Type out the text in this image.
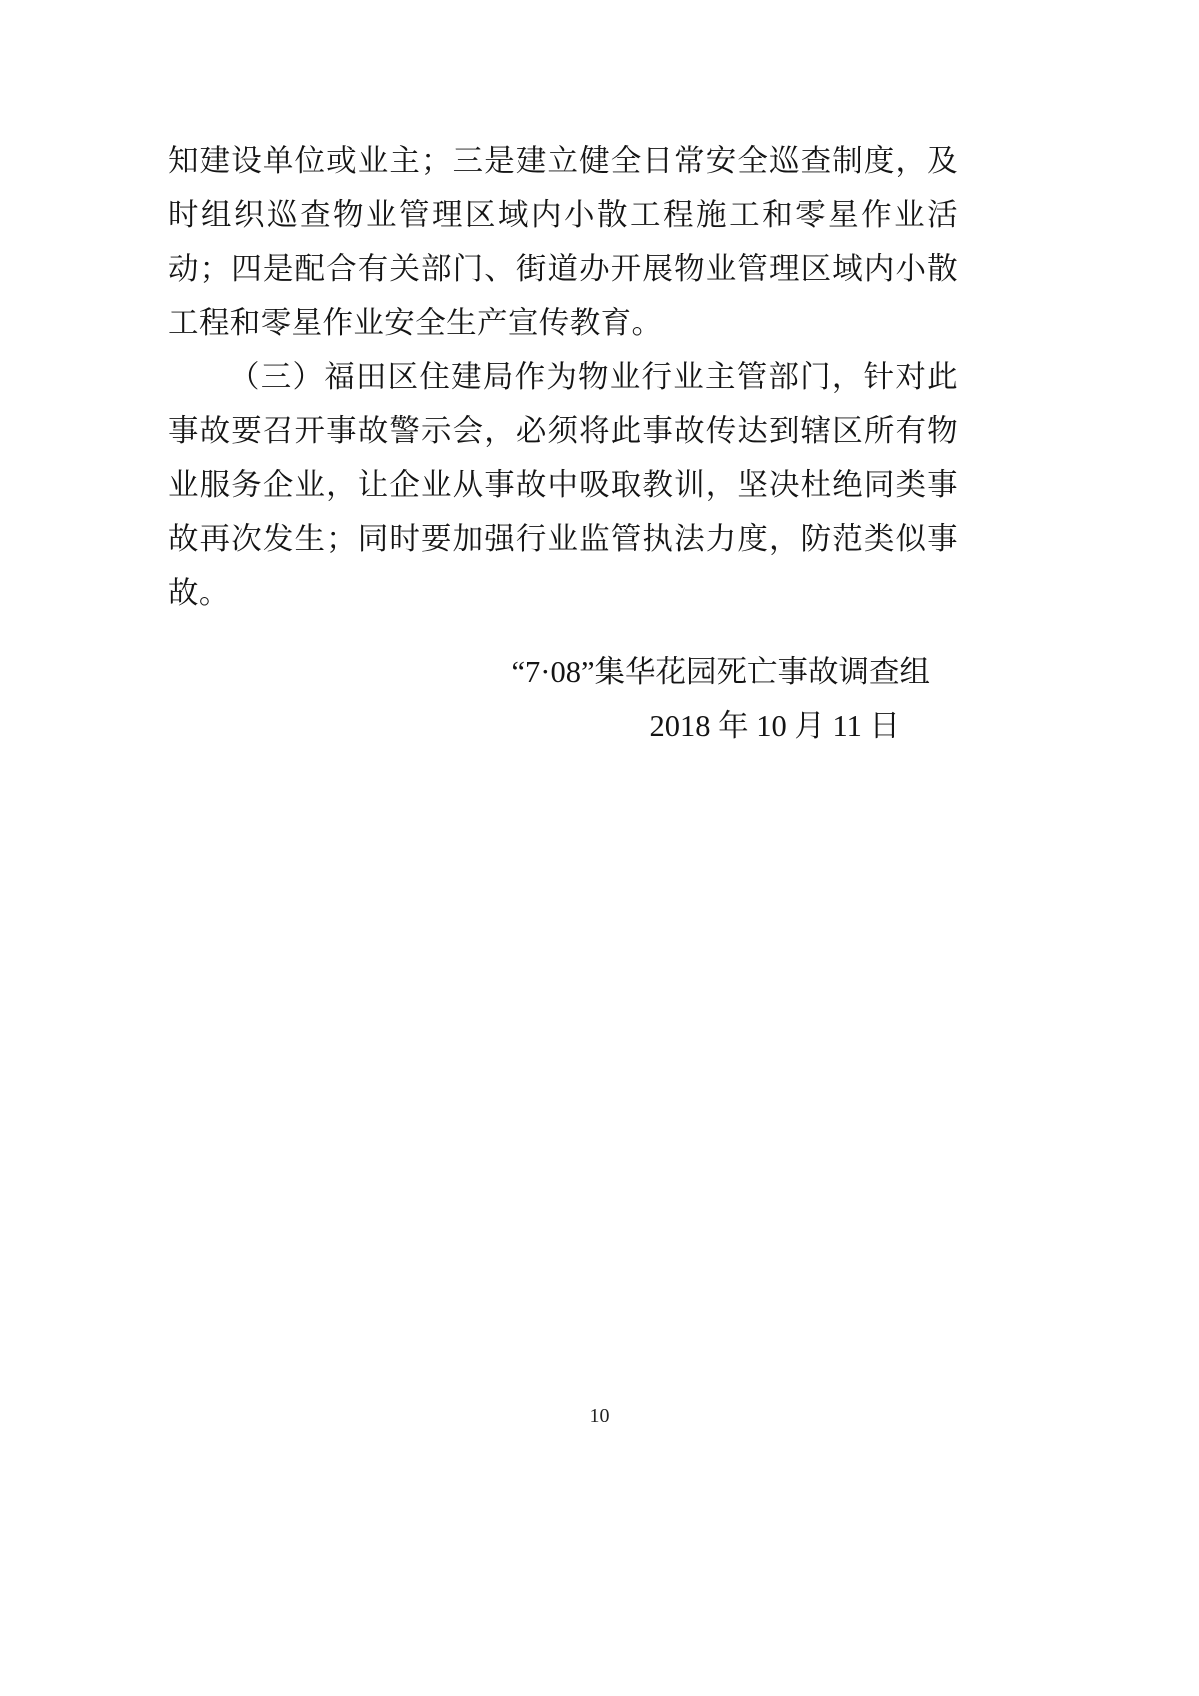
知建设单位或业主；三是建立健全日常安全巡查制度，及时组织巡查物业管理区域内小散工程施工和零星作业活动；四是配合有关部门、街道办开展物业管理区域内小散工程和零星作业安全生产宣传教育。

（三）福田区住建局作为物业行业主管部门，针对此事故要召开事故警示会，必须将此事故传达到辖区所有物业服务企业，让企业从事故中吸取教训，坚决杜绝同类事故再次发生；同时要加强行业监管执法力度，防范类似事故。

“7·08”集华花园死亡事故调查组
2018 年 10 月 11 日
10
